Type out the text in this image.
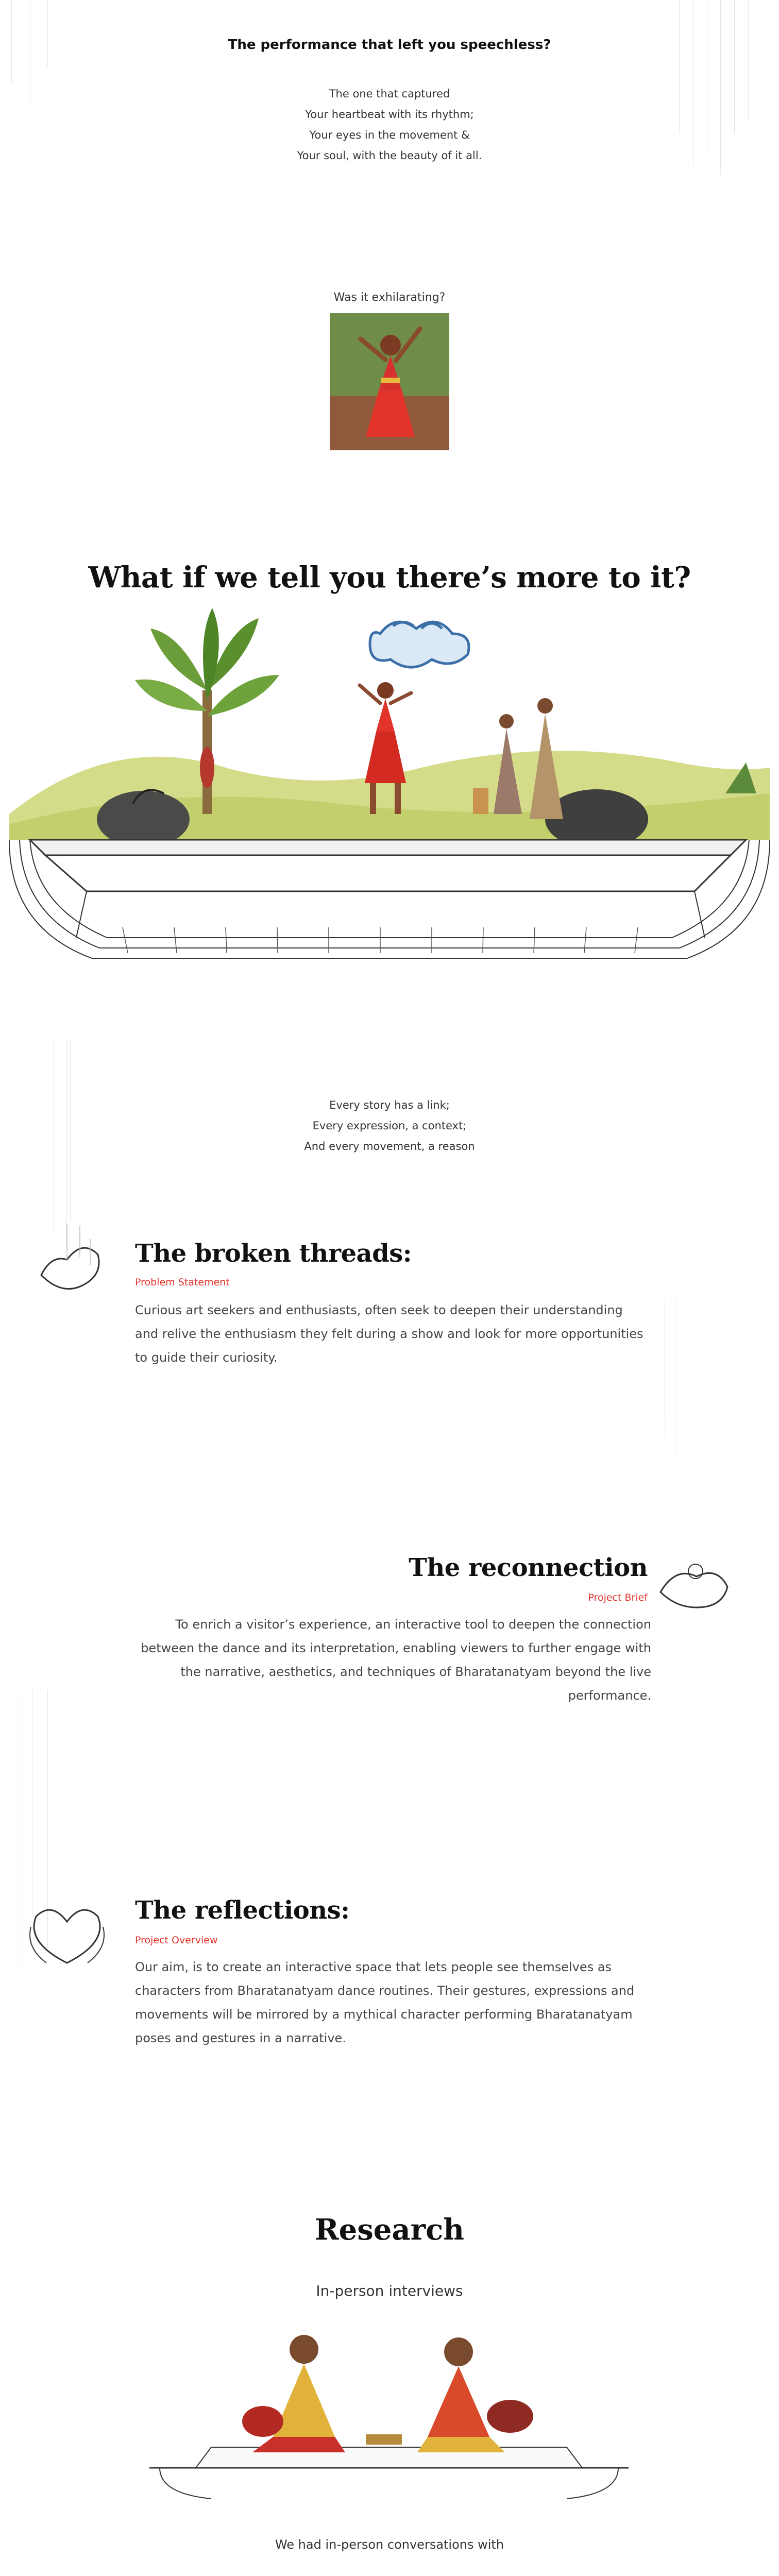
The performance that left you speechless?
The one that captured
Your heartbeat with its rhythm;
Your eyes in the movement &
Your soul, with the beauty of it all.
Was it exhilarating?
What if we tell you there’s more to it?
Every story has a link;
Every expression, a context;
And every movement, a reason
The broken threads:
Problem Statement
Curious art seekers and enthusiasts, often seek to deepen their understanding and relive the enthusiasm they felt during a show and look for more opportunities to guide their curiosity.
The reconnection
Project Brief
To enrich a visitor’s experience, an interactive tool to deepen the connection between the dance and its interpretation, enabling viewers to further engage with the narrative, aesthetics, and techniques of Bharatanatyam beyond the live performance.
The reflections:
Project Overview
Our aim, is to create an interactive space that lets people see themselves as characters from Bharatanatyam dance routines. Their gestures, expressions and movements will be mirrored by a mythical character performing Bharatanatyam poses and gestures in a narrative.
Research
In-person interviews
We had in-person conversations with
